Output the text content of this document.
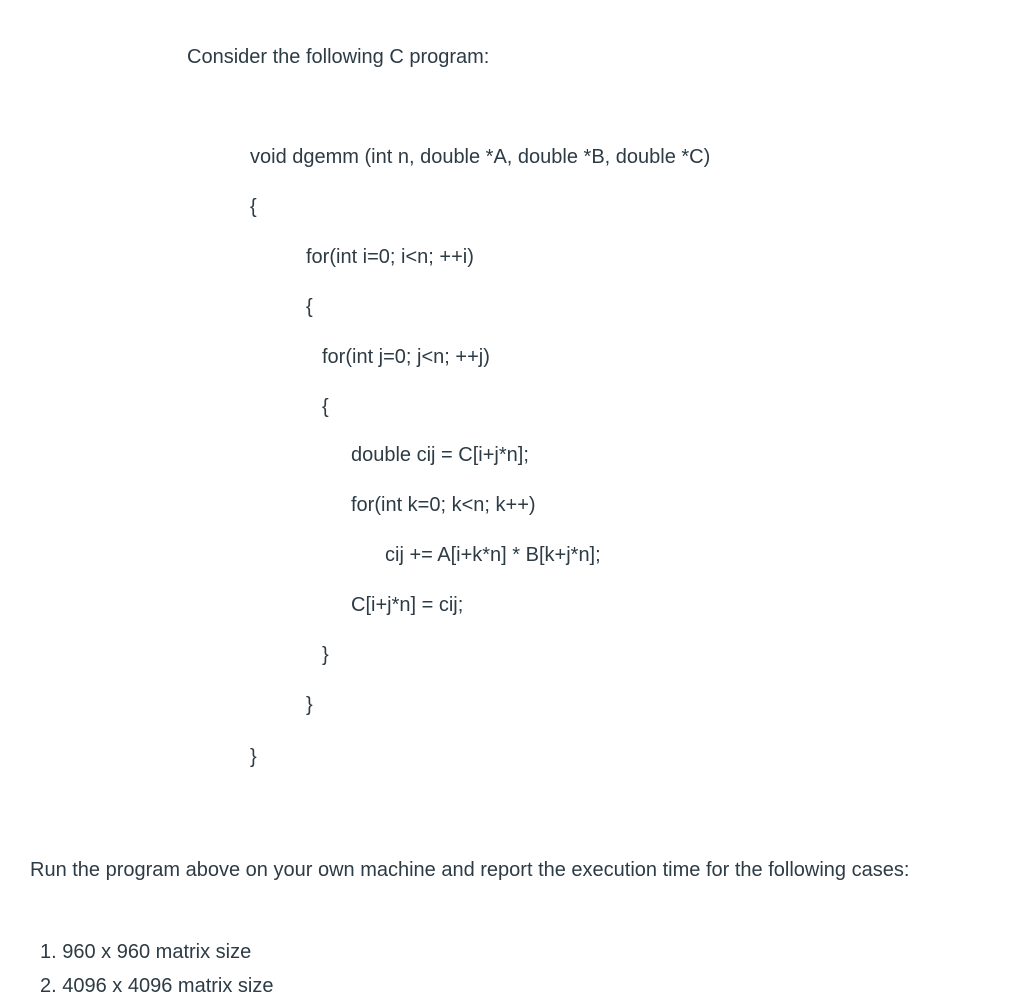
Consider the following C program:
void dgemm (int n, double *A, double *B, double *C)
{
for(int i=0; i<n; ++i)
{
for(int j=0; j<n; ++j)
{
double cij = C[i+j*n];
for(int k=0; k<n; k++)
cij += A[i+k*n] * B[k+j*n];
C[i+j*n] = cij;
}
}
}
Run the program above on your own machine and report the execution time for the following cases:
1. 960 x 960 matrix size
2. 4096 x 4096 matrix size
